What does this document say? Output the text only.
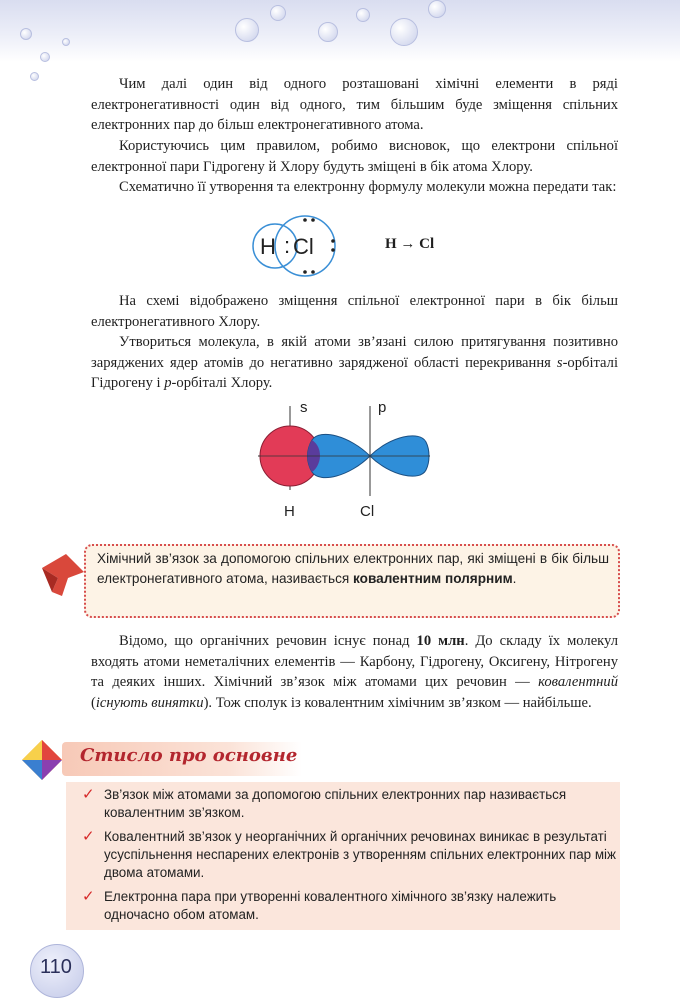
Чим далі один від одного розташовані хімічні елементи в ряді електронегативності один від одного, тим більшим буде зміщення спільних електронних пар до більш електронегативного атома.

Користуючись цим правилом, робимо висновок, що електрони спільної електронної пари Гідрогену й Хлору будуть зміщені в бік атома Хлору.

Схематично її утворення та електронну формулу молекули можна передати так:

H : Cl	H → Cl

На схемі відображено зміщення спільної електронної пари в бік більш електронегативного Хлору.

Утвориться молекула, в якій атоми зв’язані силою притягування позитивно заряджених ядер атомів до негативно зарядженої області перекривання s-орбіталі Гідрогену і p-орбіталі Хлору.

s	p
H	Cl

Хімічний зв’язок за допомогою спільних електронних пар, які зміщені в бік більш електронегативного атома, називається ковалентним полярним.

Відомо, що органічних речовин існує понад 10 млн. До складу їх молекул входять атоми неметалічних елементів — Карбону, Гідрогену, Оксигену, Нітрогену та деяких інших. Хімічний зв’язок між атомами цих речовин — ковалентний (існують винятки). Тож сполук із ковалентним хімічним зв’язком — найбільше.

Стисло про основне
✓ Зв’язок між атомами за допомогою спільних електронних пар називається ковалентним зв’язком.
✓ Ковалентний зв’язок у неорганічних й органічних речовинах виникає в результаті усуспільнення неспарених електронів з утворенням спільних електронних пар між двома атомами.
✓ Електронна пара при утворенні ковалентного хімічного зв’язку належить одночасно обом атомам.
110
